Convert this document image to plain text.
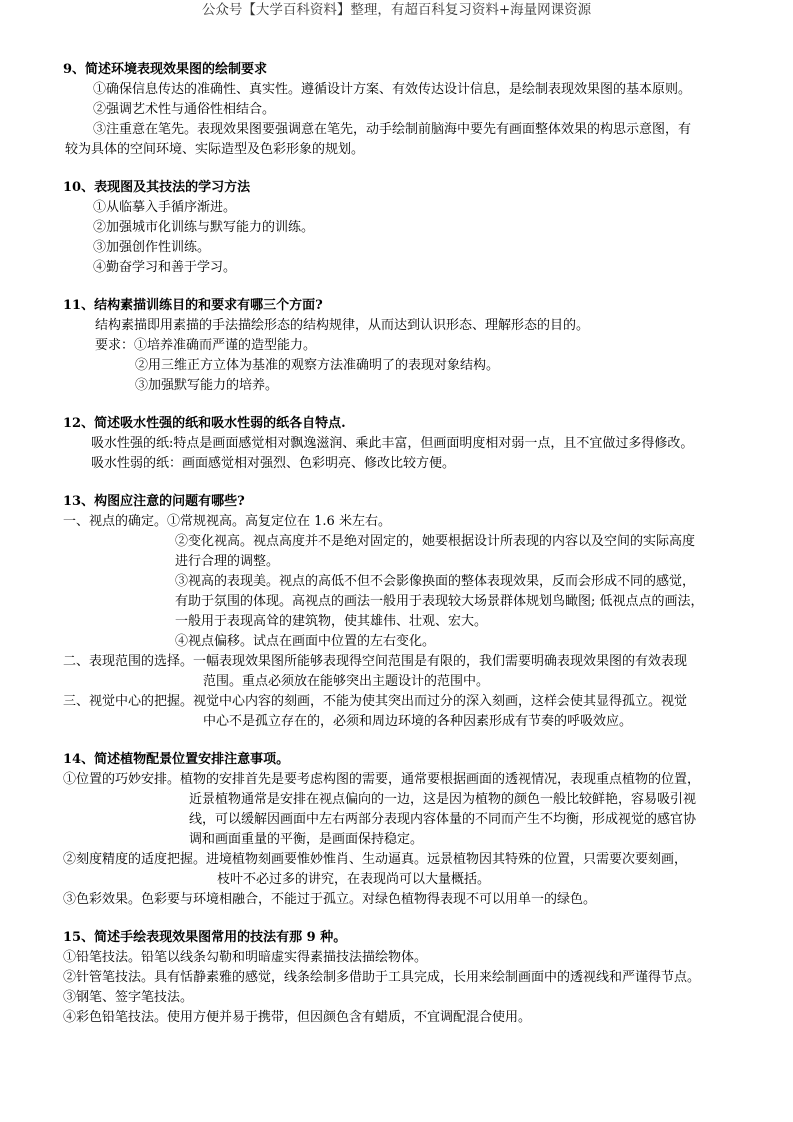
公众号【大学百科资料】整理，有超百科复习资料+海量网课资源

9、简述环境表现效果图的绘制要求

①确保信息传达的准确性、真实性。遵循设计方案、有效传达设计信息，是绘制表现效果图的基本原则。

②强调艺术性与通俗性相结合。

③注重意在笔先。表现效果图要强调意在笔先，动手绘制前脑海中要先有画面整体效果的构思示意图，有

较为具体的空间环境、实际造型及色彩形象的规划。

10、表现图及其技法的学习方法

①从临摹入手循序渐进。

②加强城市化训练与默写能力的训练。

③加强创作性训练。

④勤奋学习和善于学习。

11、结构素描训练目的和要求有哪三个方面?

结构素描即用素描的手法描绘形态的结构规律，从而达到认识形态、理解形态的目的。

要求：①培养准确而严谨的造型能力。

②用三维正方立体为基准的观察方法准确明了的表现对象结构。

③加强默写能力的培养。

12、简述吸水性强的纸和吸水性弱的纸各自特点.

吸水性强的纸:特点是画面感觉相对飘逸滋润、乘此丰富，但画面明度相对弱一点，且不宜做过多得修改。

吸水性弱的纸：画面感觉相对强烈、色彩明亮、修改比较方便。

13、构图应注意的问题有哪些?

一、视点的确定。①常规视高。高复定位在 1.6 米左右。

②变化视高。视点高度并不是绝对固定的，她要根据设计所表现的内容以及空间的实际高度

进行合理的调整。

③视高的表现美。视点的高低不但不会影像换面的整体表现效果，反而会形成不同的感觉，

有助于氛围的体现。高视点的画法一般用于表现较大场景群体规划鸟瞰图; 低视点点的画法，

一般用于表现高耸的建筑物，使其雄伟、壮观、宏大。

④视点偏移。试点在画面中位置的左右变化。

二、表现范围的选择。一幅表现效果图所能够表现得空间范围是有限的，我们需要明确表现效果图的有效表现

范围。重点必须放在能够突出主题设计的范围中。

三、视觉中心的把握。视觉中心内容的刻画，不能为使其突出而过分的深入刻画，这样会使其显得孤立。视觉

中心不是孤立存在的，必须和周边环境的各种因素形成有节奏的呼吸效应。

14、简述植物配景位置安排注意事项。

①位置的巧妙安排。植物的安排首先是要考虑构图的需要，通常要根据画面的透视情况，表现重点植物的位置，

近景植物通常是安排在视点偏向的一边，这是因为植物的颜色一般比较鲜艳，容易吸引视

线，可以缓解因画面中左右两部分表现内容体量的不同而产生不均衡，形成视觉的感官协

调和画面重量的平衡，是画面保持稳定。

②刻度精度的适度把握。进境植物刻画要惟妙惟肖、生动逼真。远景植物因其特殊的位置，只需要次要刻画，

枝叶不必过多的讲究，在表现尚可以大量概括。

③色彩效果。色彩要与环境相融合，不能过于孤立。对绿色植物得表现不可以用单一的绿色。

15、简述手绘表现效果图常用的技法有那 9 种。

①铅笔技法。铅笔以线条勾勒和明暗虚实得素描技法描绘物体。

②针管笔技法。具有恬静素雅的感觉，线条绘制多借助于工具完成，长用来绘制画面中的透视线和严谨得节点。

③钢笔、签字笔技法。

④彩色铅笔技法。使用方便并易于携带，但因颜色含有蜡质，不宜调配混合使用。
